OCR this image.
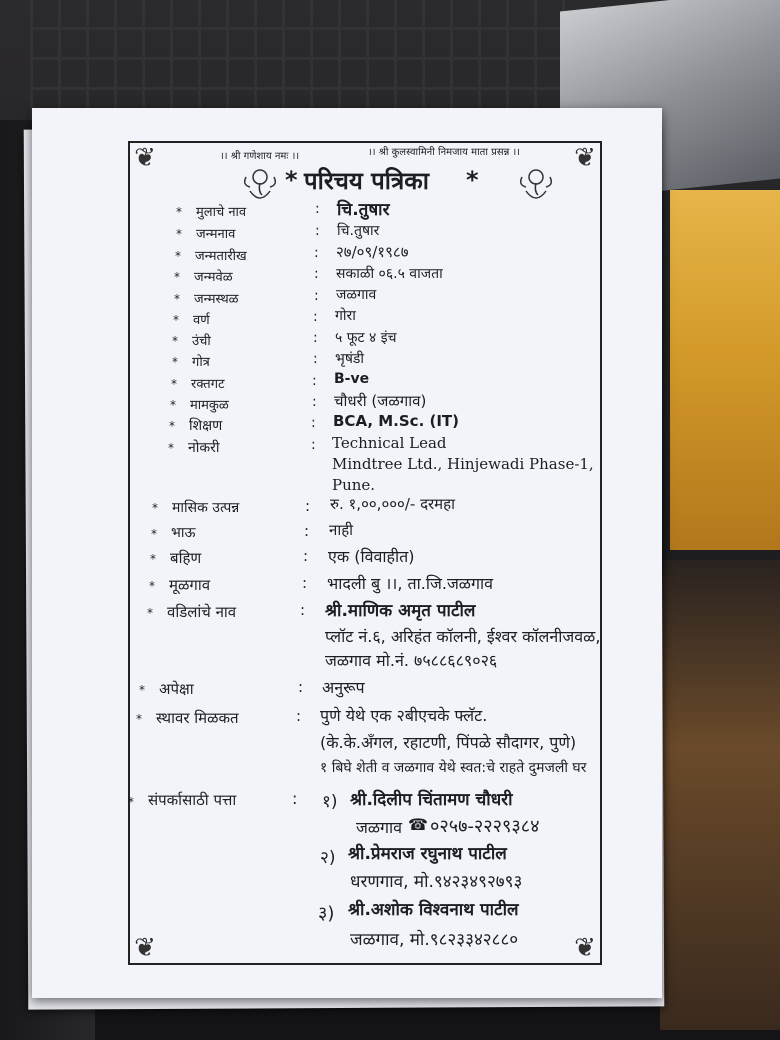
❦	❦
❦	❦
।। श्री गणेशाय नमः ।।	।। श्री कुलस्वामिनी निमजाय माता प्रसन्न ।।
* परिचय पत्रिका *
* मुलाचे नाव	: चि.तुषार
* जन्मनाव	: चि.तुषार
* जन्मतारीख	: २७/०९/१९८७
* जन्मवेळ	: सकाळी ०६.५ वाजता
* जन्मस्थळ	: जळगाव
* वर्ण	: गोरा
* उंची	: ५ फूट ४ इंच
* गोत्र	: भृषंडी
* रक्तगट	: B-ve
* मामकुळ	: चौधरी (जळगाव)
* शिक्षण	: BCA, M.Sc. (IT)
* नोकरी	: Technical Lead
Mindtree Ltd., Hinjewadi Phase-1,
Pune.
* मासिक उत्पन्न	: रु. १,००,०००/- दरमहा
* भाऊ	: नाही
* बहिण	: एक (विवाहीत)
* मूळगाव	: भादली बु ।।, ता.जि.जळगाव
* वडिलांचे नाव	: श्री.माणिक अमृत पाटील
प्लॉट नं.६, अरिहंत कॉलनी, ईश्वर कॉलनीजवळ,
जळगाव मो.नं. ७५८८६८९०२६
* अपेक्षा	: अनुरूप
* स्थावर मिळकत	: पुणे येथे एक २बीएचके फ्लॅट.
(के.के.अँगल, रहाटणी, पिंपळे सौदागर, पुणे)
१ बिघे शेती व जळगाव येथे स्वत:चे राहते दुमजली घर
* संपर्कासाठी पत्ता	: १) श्री.दिलीप चिंतामण चौधरी
जळगाव ☎ ०२५७-२२२९३८४
२) श्री.प्रेमराज रघुनाथ पाटील
धरणगाव, मो.९४२३४९२७९३
३) श्री.अशोक विश्वनाथ पाटील
जळगाव, मो.९८२३३४२८८०
